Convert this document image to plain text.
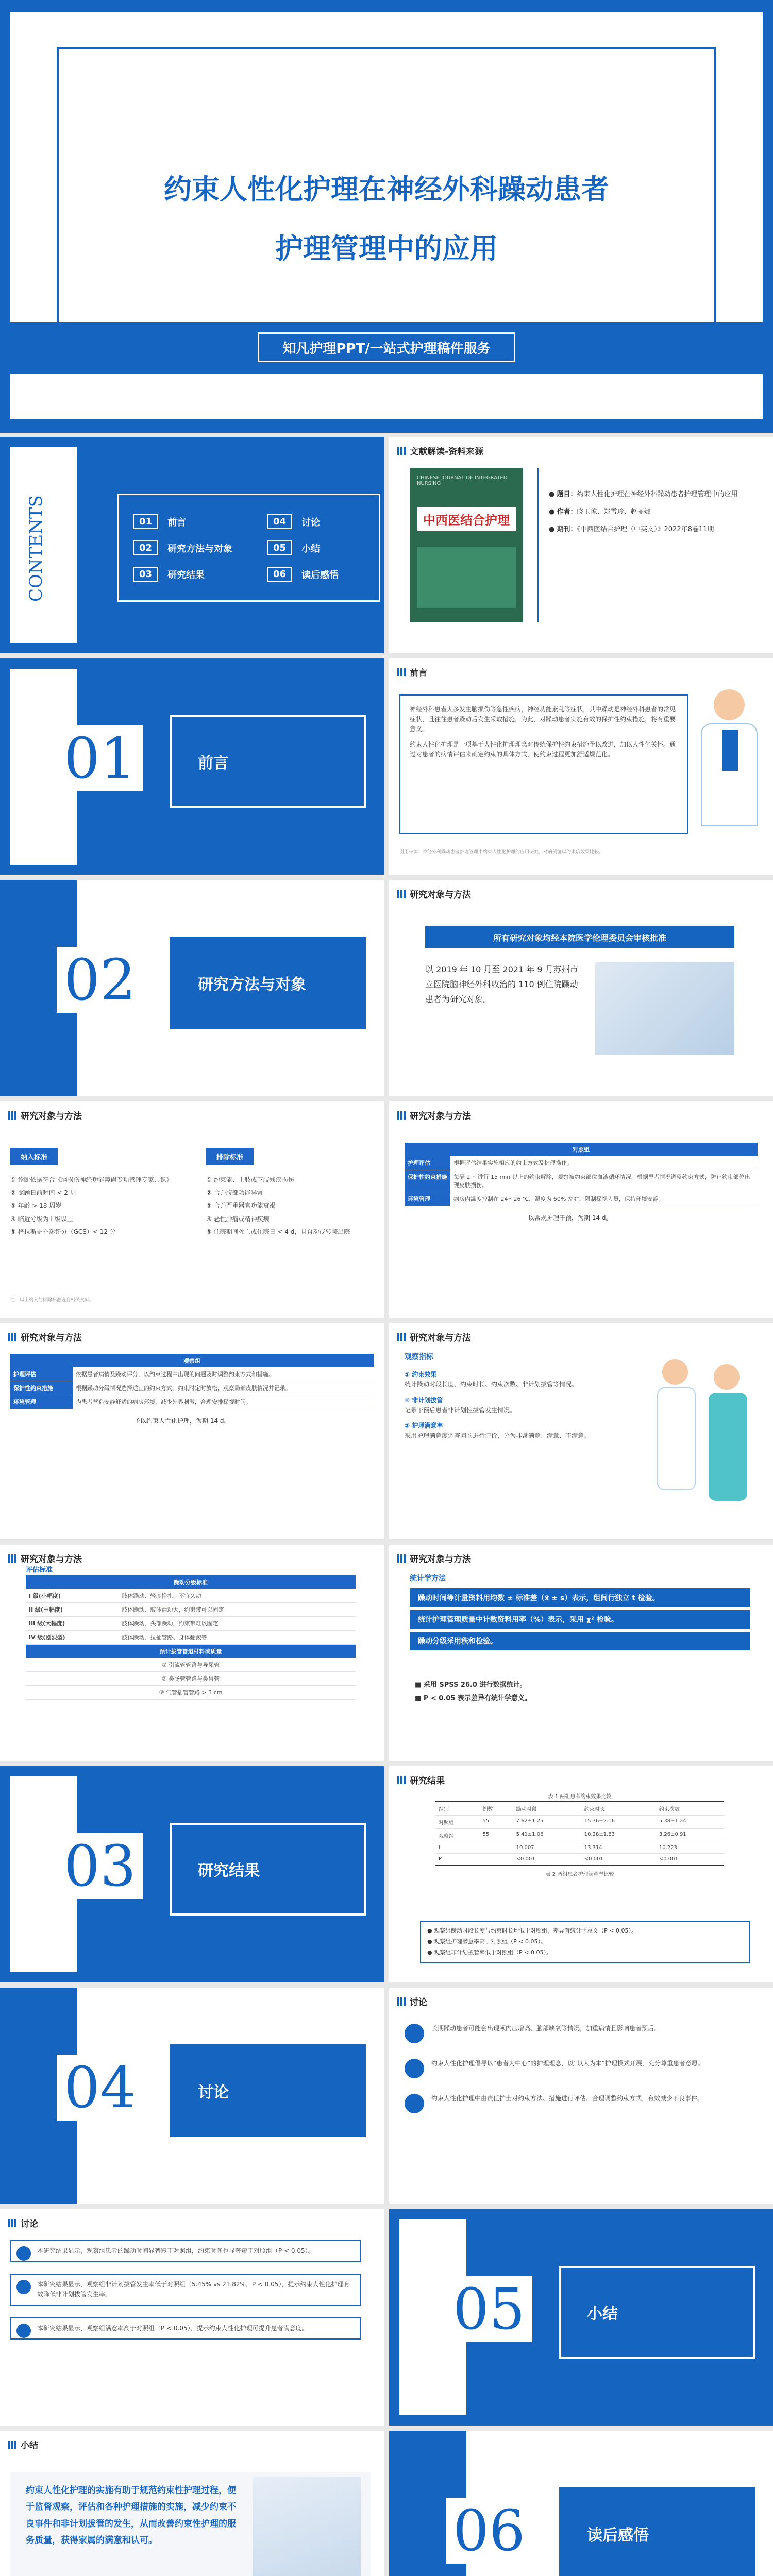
约束人性化护理在神经外科躁动患者
护理管理中的应用
知凡护理PPT/一站式护理稿件服务
CONTENTS	01	前言	04	讨论
02	研究方法与对象	05	小结
03	研究结果	06	读后感悟
文献解读-资料来源
CHINESE JOURNAL OF INTEGRATED NURSING
中西医结合护理
● 题目：约束人性化护理在神经外科躁动患者护理管理中的应用
● 作者：晓玉琼、郑雪玲、赵丽娜
● 期刊：《中西医结合护理（中英文）》2022年8卷11期
01	前言
前言

神经外科患者大多发生脑损伤等急性疾病，神经功能紊乱等症状，其中躁动是神经外科患者的常见症状，且往往患者躁动后发生采取措施，为此，对躁动患者实施有效的保护性约束措施，将有重要意义。

约束人性化护理是一项基于人性化护理理念对传统保护性约束措施予以改进，加以人性化关怀。通过对患者的病情评估来确定约束的具体方式，使约束过程更加舒适规范化。

引用来源：神经外科躁动患者护理管理中约束人性化护理的应用研究，对病例施以约束后效果比较。
02	研究方法与对象
研究对象与方法
所有研究对象均经本院医学伦理委员会审核批准
以 2019 年 10 月至 2021 年 9 月苏州市立医院脑神经外科收治的 110 例住院躁动患者为研究对象。
研究对象与方法
纳入标准	排除标准
① 诊断依据符合《脑损伤神经功能障碍专项管理专家共识》
② 照顾日前时间 < 2 周
③ 年龄 > 18 周岁
④ 临近分级为 I 级以上
⑤ 格拉斯哥昏迷评分（GCS）< 12 分
① 约束能、上肢或下肢残疾损伤
② 合并腹部功能异常
③ 合并严重器官功能衰竭
④ 恶性肿瘤或精神疾病
⑤ 住院期间死亡或住院日 < 4 d，且自动或转院出院
注：以上纳入与排除标准选自相关文献。
研究对象与方法
对照组	
护理评估	根据评估结果实施相应的约束方式及护理操作。
保护性约束措施	每隔 2 h 进行 15 min 以上的约束解除，观察被约束部位血液循环情况，根据患者情况调整约束方式，防止约束部位出现皮肤损伤。
环境管理	病房内温度控制在 24～26 ℃，湿度为 60% 左右，限制探视人员，保持环境安静。
以常规护理干预，为期 14 d。
研究对象与方法
观察组	
护理评估	依据患者病情及躁动评分，以约束过程中出现的问题及时调整约束方式和措施。
保护性约束措施	根据躁动分级情况选择适宜的约束方式，约束时定时放松，观察局部皮肤情况并记录。
环境管理	为患者营造安静舒适的病房环境，减少外界刺激，合理安排探视时间。
予以约束人性化护理，为期 14 d。
研究对象与方法
观察指标
① 约束效果
统计躁动时段长度、约束时长、约束次数、非计划拔管等情况。
② 非计划拔管
记录干预后患者非计划性拔管发生情况。
③ 护理满意率
采用护理满意度调查问卷进行评价，分为非常满意、满意、不满意。
研究对象与方法
评估标准
躁动分级标准	
I 级(小幅度)	肢体躁动、轻度挣扎、不宜久动
II 级(中幅度)	肢体躁动、肢体活动大，约束带可以固定
III 级(大幅度)	肢体躁动、头部躁动，约束带难以固定
IV 级(剧烈型)	肢体躁动、拉扯管路、身体翻滚等
预计拔管管道材料或质量	
① 引流管管路与导尿管	
② 鼻肠管管路与鼻胃管	
③ 气管插管管路 > 3 cm	
研究对象与方法
统计学方法
躁动时间等计量资料用均数 ± 标准差（x̄ ± s）表示，组间行独立 t 检验。
统计护理管理质量中计数资料用率（%）表示，采用 χ² 检验。
躁动分级采用秩和检验。
■ 采用 SPSS 26.0 进行数据统计。
■ P < 0.05 表示差异有统计学意义。
03	研究结果
研究结果
表 1 两组患者约束效果比较
组别	例数	躁动时段	约束时长	约束次数
对照组	55	7.62±1.25	15.36±2.16	5.38±1.24
观察组	55	5.41±1.06	10.28±1.83	3.26±0.91
t		10.007	13.314	10.223
P		<0.001	<0.001	<0.001
表 2 两组患者护理满意率比较
● 观察组躁动时段长度与约束时长均低于对照组，差异有统计学意义（P < 0.05）。
● 观察组护理满意率高于对照组（P < 0.05）。
● 观察组非计划拔管率低于对照组（P < 0.05）。
04	讨论
讨论

长期躁动患者可能会出现颅内压增高、脑部缺氧等情况，加重病情且影响患者预后。

约束人性化护理倡导以“患者为中心”的护理理念，以“以人为本”护理模式开展，充分尊重患者意愿。

约束人性化护理中由责任护士对约束方法、措施进行评估，合理调整约束方式，有效减少不良事件。

讨论

本研究结果显示，观察组患者的躁动时间显著短于对照组，约束时间也显著短于对照组（P < 0.05）。

本研究结果显示，观察组非计划拔管发生率低于对照组（5.45% vs 21.82%，P < 0.05），提示约束人性化护理有效降低非计划拔管发生率。

本研究结果显示，观察组满意率高于对照组（P < 0.05），提示约束人性化护理可提升患者满意度。	05	小结
小结
约束人性化护理的实施有助于规范约束性护理过程，便于监督观察，评估和各种护理措施的实施，减少约束不良事件和非计划拔管的发生，从而改善约束性护理的服务质量，获得家属的满意和认可。	06	读后感悟
